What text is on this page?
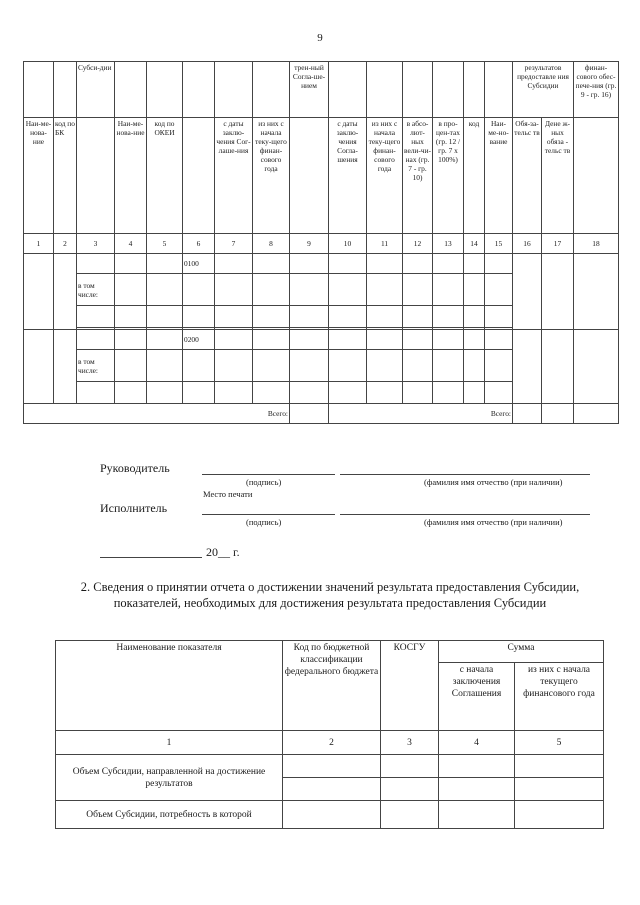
9
		Субси-дии						трен-ный Согла-ше-нием							результатов предоставле ния Субсидии		финан-сового обес-пече-ния (гр. 9 - гр. 16)
Наи-ме-нова-ние	код по БК		Наи-ме-нова-ние	код по ОКЕИ		с даты заклю-чения Сог-лаше-ния	из них с начала теку-щего финан-сового года		с даты заклю-чения Согла-шения	из них с начала теку-щего финан-сового года	в абсо-лют-ных вели-чи-нах (гр. 7 - гр. 10)	в про-цен-тах (гр. 12 / гр. 7 х 100%)	код	Наи-ме-но-вание	Обя-за-тельс тв	Дене ж-ных обяза - тельс тв	
1	2	3	4	5	6	7	8	9	10	11	12	13	14	15	16	17	18
					0100												
		в том числе:															

					0200												
		в том числе:															

Всего:									Всего:								
Руководитель
(подпись)	(фамилия имя отчество (при наличии)
Место печати
Исполнитель
(подпись)	(фамилия имя отчество (при наличии)
20__ г.
2. Сведения о принятии отчета о достижении значений результата предоставления Субсидии, показателей, необходимых для достижения результата предоставления Субсидии
Наименование показателя	Код по бюджетной классификации федерального бюджета	КОСГУ	Сумма	
			с начала заключения Соглашения	из них с начала текущего финансового года
1	2	3	4	5
Объем Субсидии, направленной на достижение результатов				

Объем Субсидии, потребность в которой				
